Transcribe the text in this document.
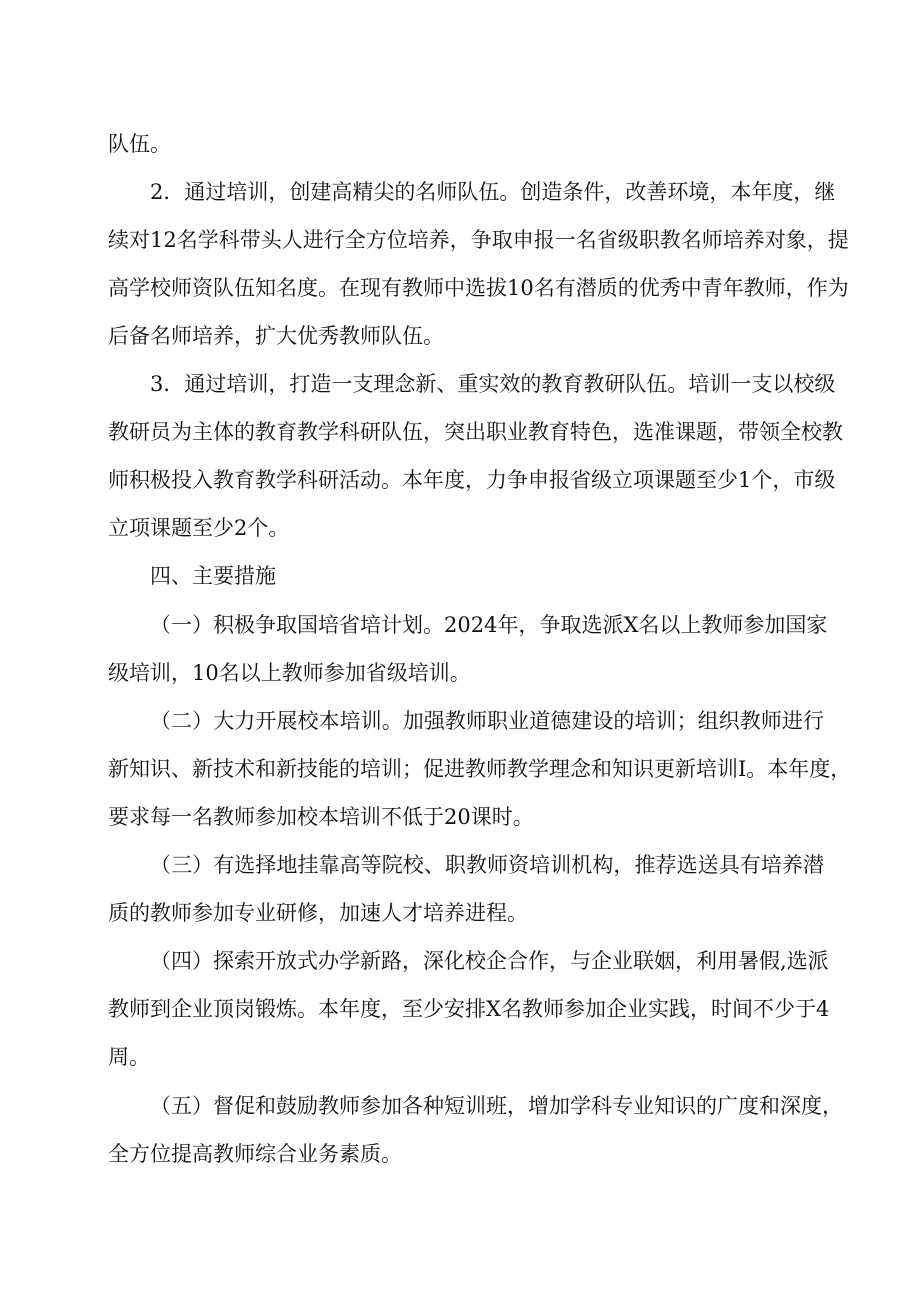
队伍。
2．通过培训，创建高精尖的名师队伍。创造条件，改善环境，本年度，继
续对12名学科带头人进行全方位培养，争取申报一名省级职教名师培养对象，提
高学校师资队伍知名度。在现有教师中选拔10名有潜质的优秀中青年教师，作为
后备名师培养，扩大优秀教师队伍。
3．通过培训，打造一支理念新、重实效的教育教研队伍。培训一支以校级
教研员为主体的教育教学科研队伍，突出职业教育特色，选准课题，带领全校教
师积极投入教育教学科研活动。本年度，力争申报省级立项课题至少1个，市级
立项课题至少2个。
四、主要措施
（一）积极争取国培省培计划。2024年，争取选派X名以上教师参加国家
级培训，10名以上教师参加省级培训。
（二）大力开展校本培训。加强教师职业道德建设的培训；组织教师进行
新知识、新技术和新技能的培训；促进教师教学理念和知识更新培训I。本年度，
要求每一名教师参加校本培训不低于20课时。
（三）有选择地挂靠高等院校、职教师资培训机构，推荐选送具有培养潜
质的教师参加专业研修，加速人才培养进程。
（四）探索开放式办学新路，深化校企合作，与企业联姻，利用暑假,选派
教师到企业顶岗锻炼。本年度，至少安排X名教师参加企业实践，时间不少于4
周。
（五）督促和鼓励教师参加各种短训班，增加学科专业知识的广度和深度，
全方位提高教师综合业务素质。
